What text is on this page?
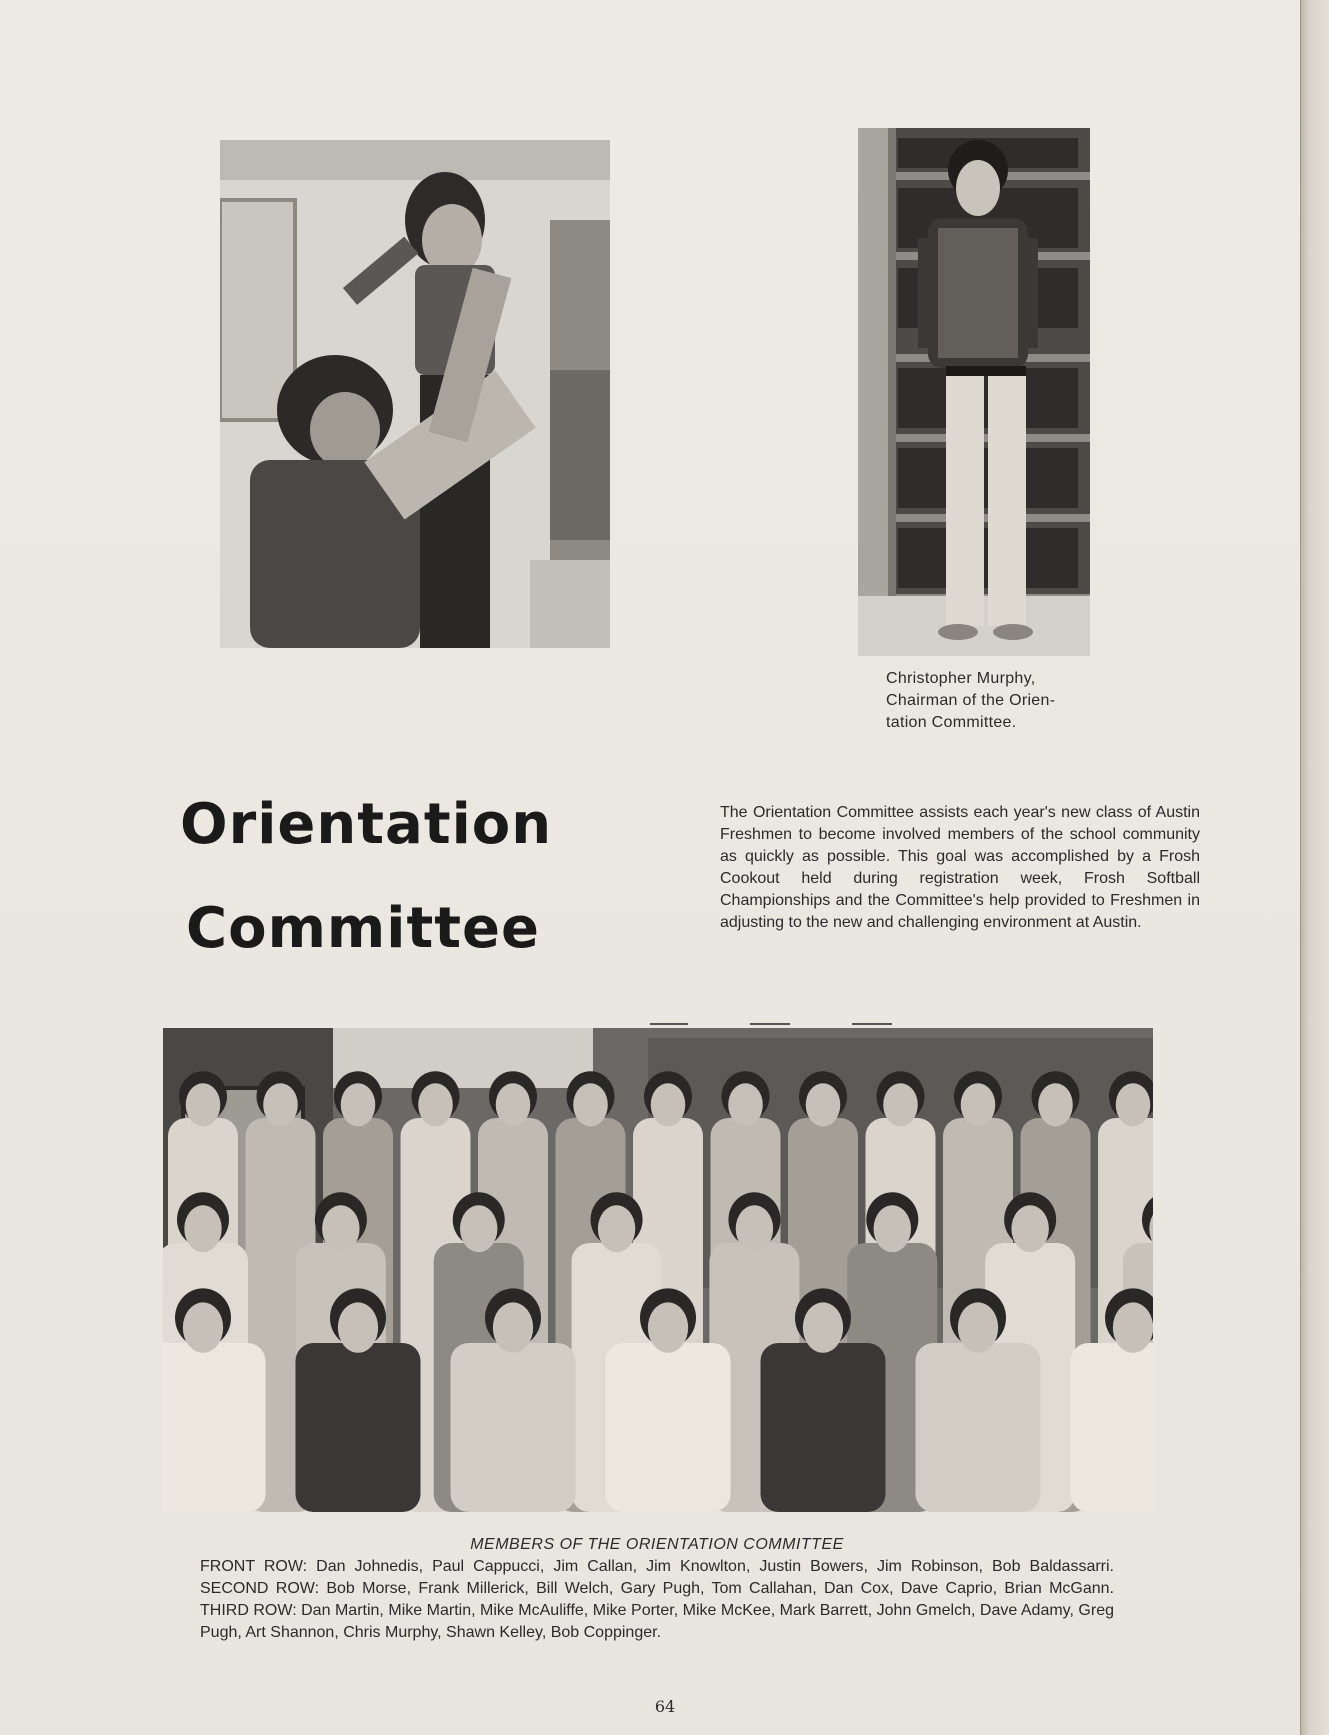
Christopher Murphy,
Chairman of the Orien-
tation Committee.
Orientation
Committee
The Orientation Committee assists each year's new class of Austin Freshmen to become involved members of the school community as quickly as possible. This goal was accomplished by a Frosh Cookout held during registration week, Frosh Softball Championships and the Committee's help provided to Freshmen in adjusting to the new and challenging environment at Austin.
MEMBERS OF THE ORIENTATION COMMITTEE
FRONT ROW: Dan Johnedis, Paul Cappucci, Jim Callan, Jim Knowlton, Justin Bowers, Jim Robinson, Bob Baldassarri. SECOND ROW: Bob Morse, Frank Millerick, Bill Welch, Gary Pugh, Tom Callahan, Dan Cox, Dave Caprio, Brian McGann. THIRD ROW: Dan Martin, Mike Martin, Mike McAuliffe, Mike Porter, Mike McKee, Mark Barrett, John Gmelch, Dave Adamy, Greg Pugh, Art Shannon, Chris Murphy, Shawn Kelley, Bob Coppinger.
64
